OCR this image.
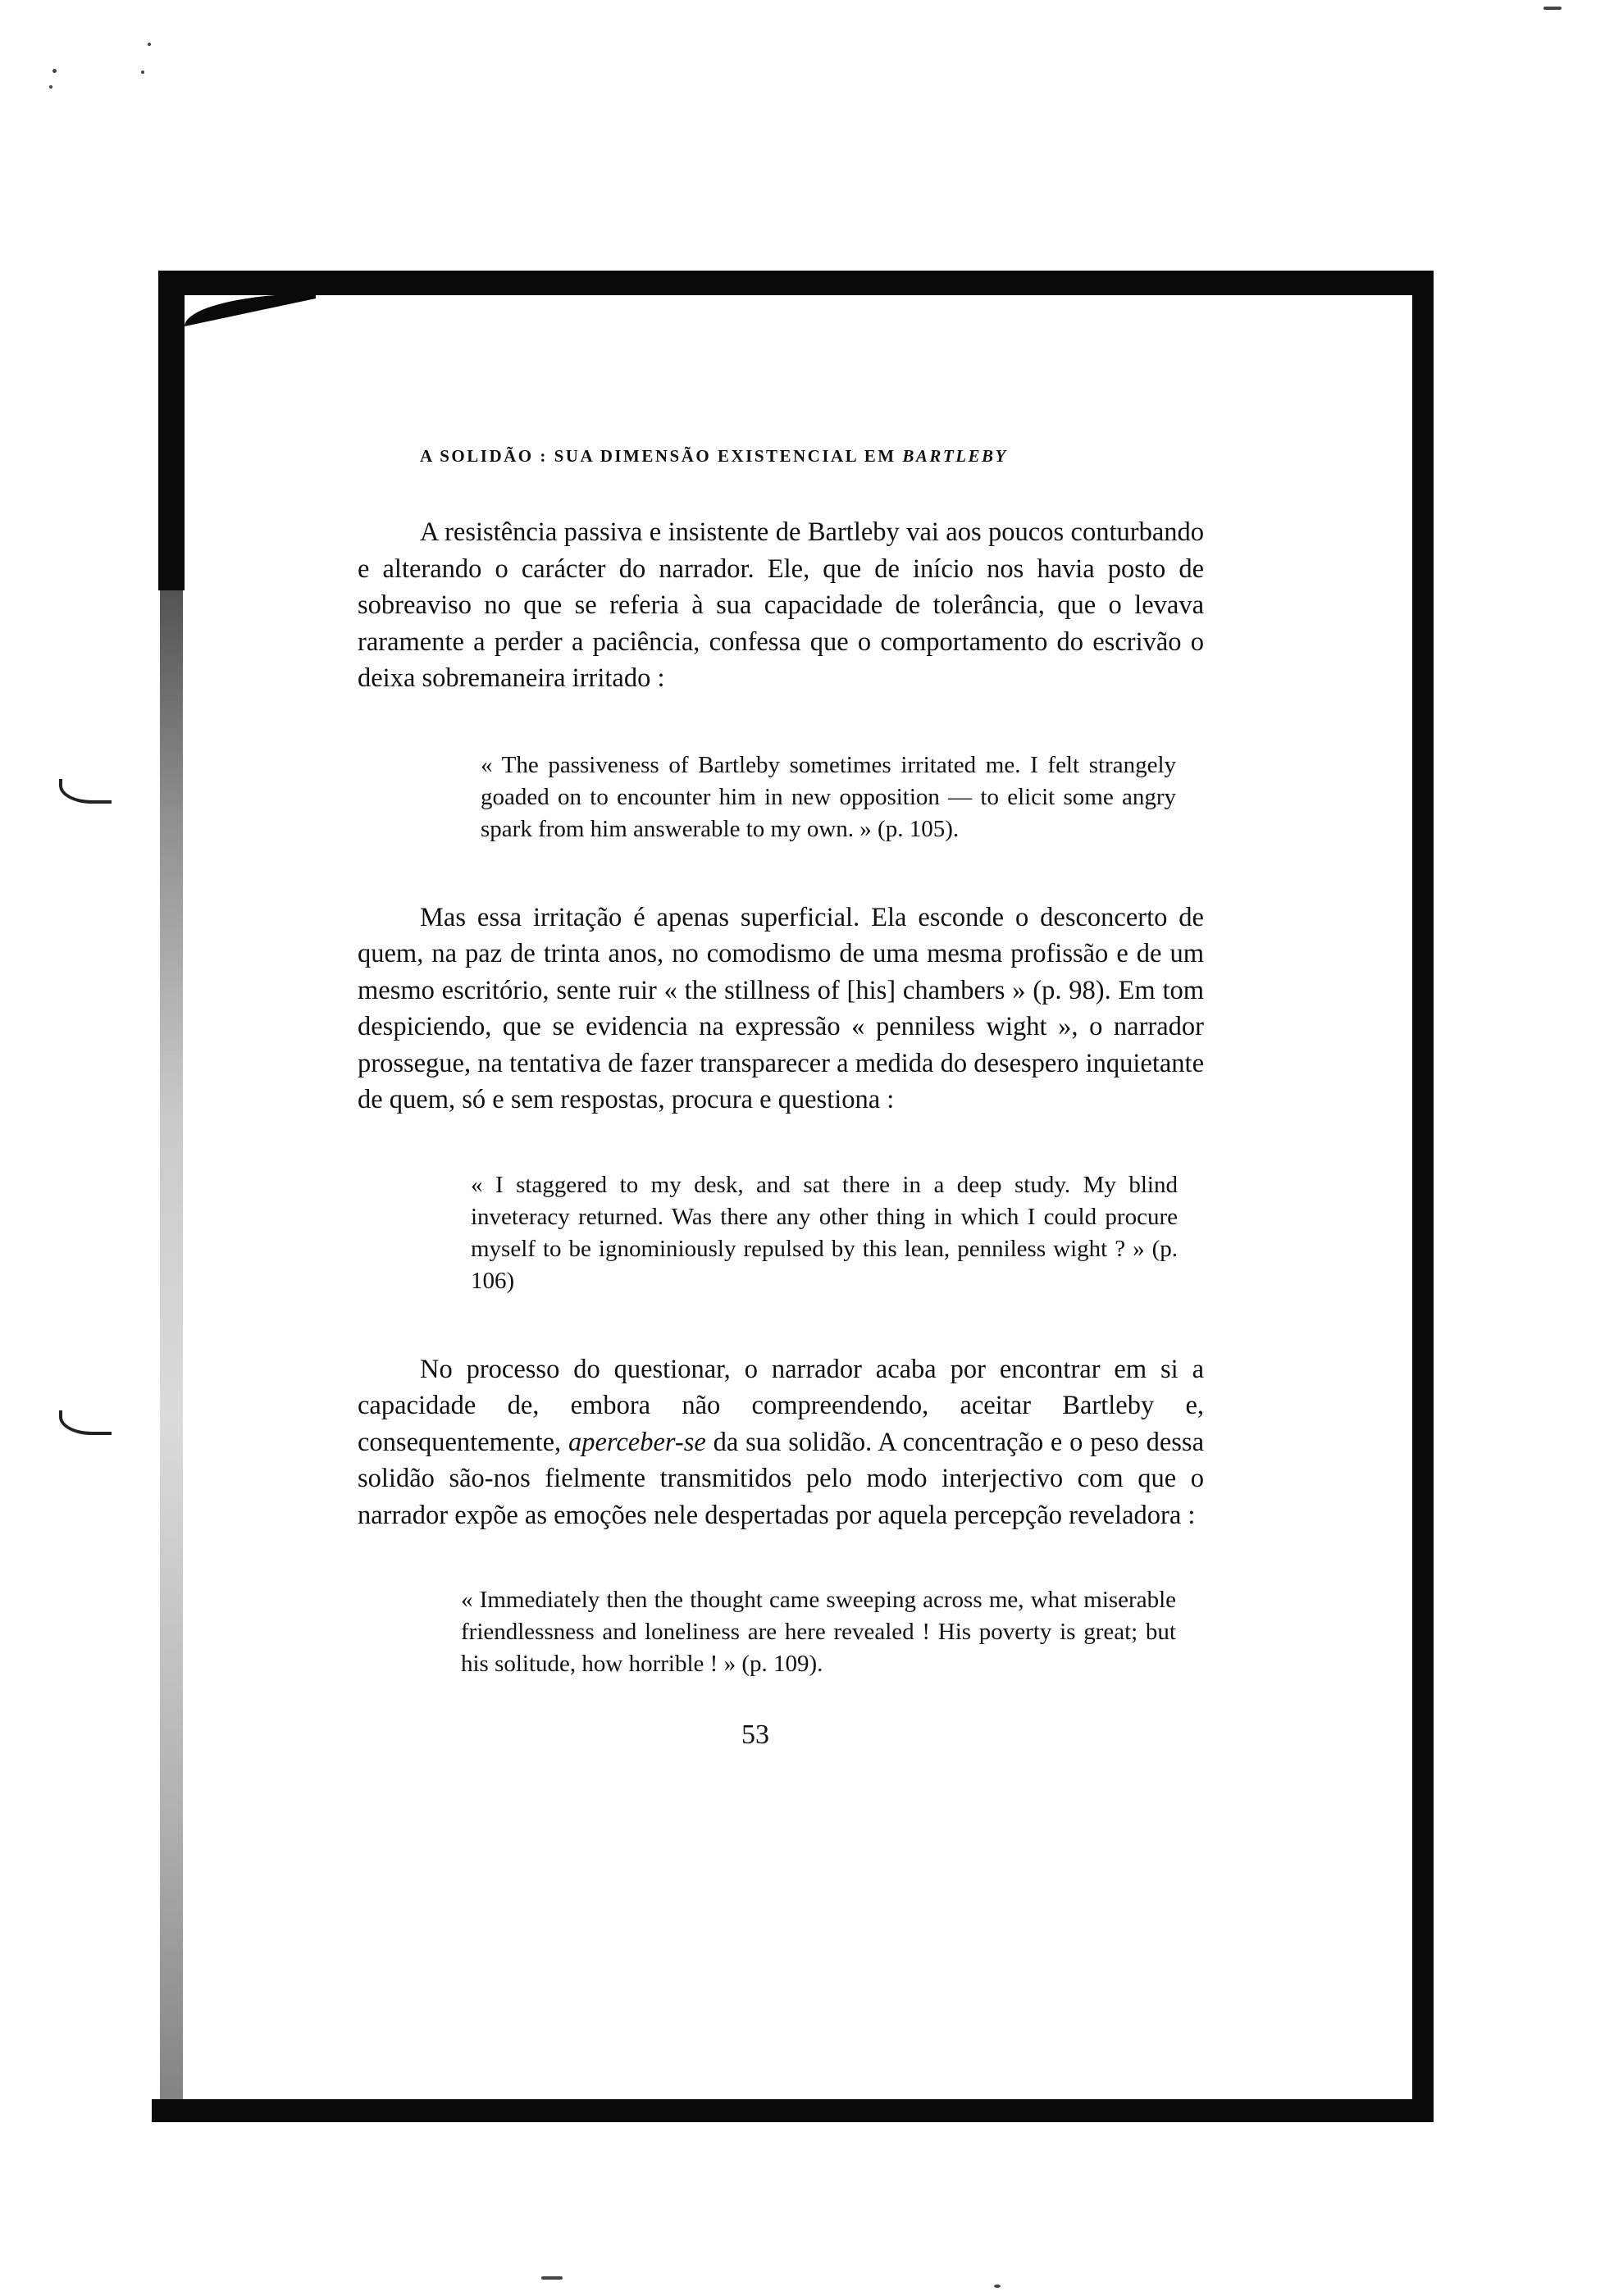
A SOLIDÃO : SUA DIMENSÃO EXISTENCIAL EM BARTLEBY

A resistência passiva e insistente de Bartleby vai aos poucos conturbando e alterando o carácter do narrador. Ele, que de início nos havia posto de sobreaviso no que se referia à sua capacidade de tolerância, que o levava raramente a perder a paciência, confessa que o comportamento do escrivão o deixa sobremaneira irritado :

« The passiveness of Bartleby sometimes irritated me. I felt strangely goaded on to encounter him in new opposition — to elicit some angry spark from him answerable to my own. » (p. 105).

Mas essa irritação é apenas superficial. Ela esconde o desconcerto de quem, na paz de trinta anos, no comodismo de uma mesma profissão e de um mesmo escritório, sente ruir « the stillness of [his] chambers » (p. 98). Em tom despiciendo, que se evidencia na expressão « penniless wight », o narrador prossegue, na tentativa de fazer transparecer a medida do desespero inquietante de quem, só e sem respostas, procura e questiona :

« I staggered to my desk, and sat there in a deep study. My blind inveteracy returned. Was there any other thing in which I could procure myself to be ignominiously repulsed by this lean, penniless wight ? » (p. 106)

No processo do questionar, o narrador acaba por encontrar em si a capacidade de, embora não compreendendo, aceitar Bartleby e, consequentemente, aperceber-se da sua solidão. A concentração e o peso dessa solidão são-nos fielmente transmitidos pelo modo interjectivo com que o narrador expõe as emoções nele despertadas por aquela percepção reveladora :

« Immediately then the thought came sweeping across me, what miserable friendlessness and loneliness are here revealed ! His poverty is great; but his solitude, how horrible ! » (p. 109).

53
